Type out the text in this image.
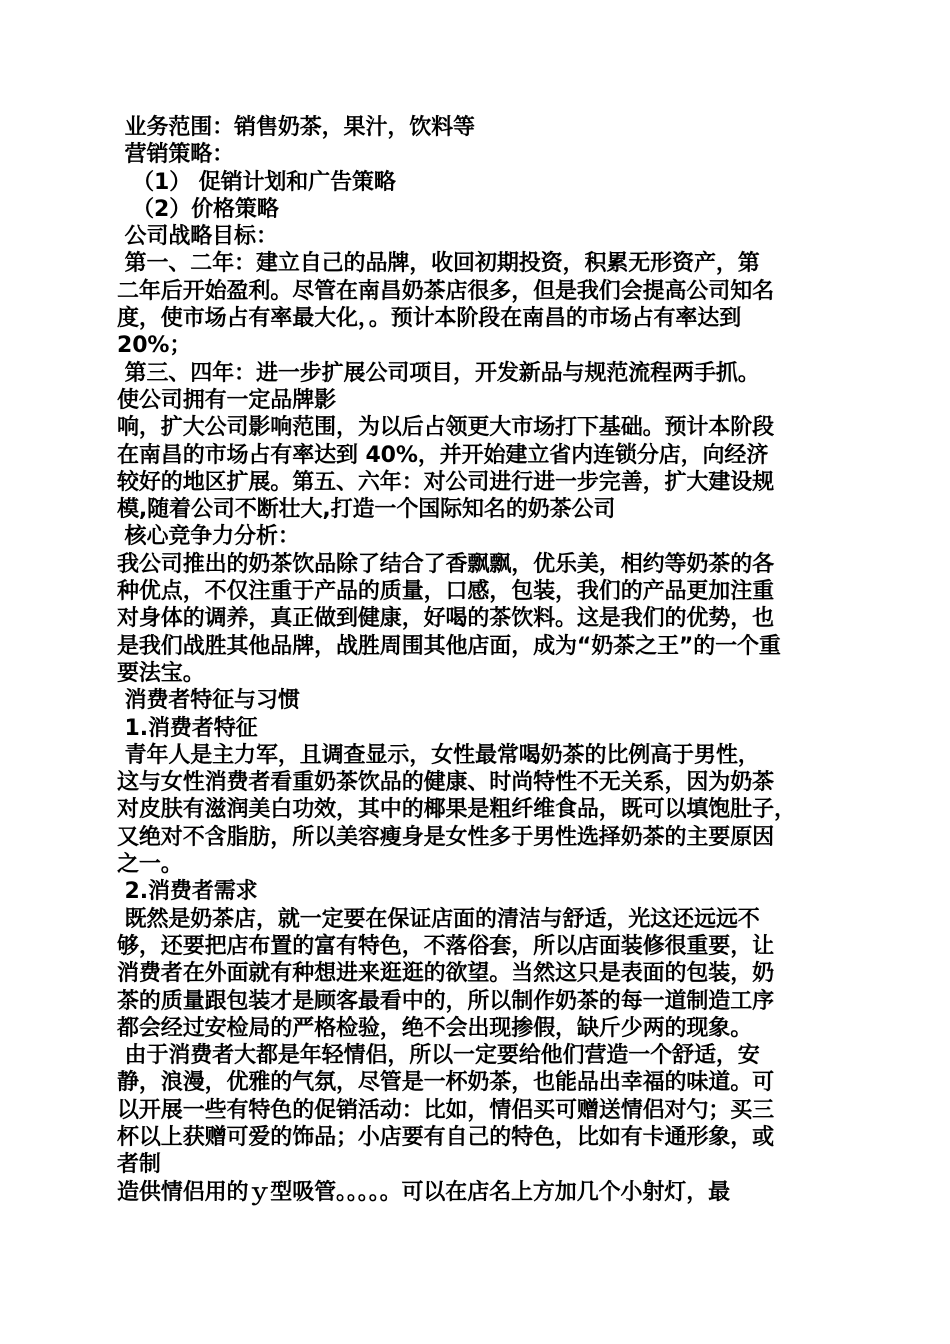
业务范围：销售奶茶，果汁，饮料等
营销策略：
（1） 促销计划和广告策略
（2）价格策略
公司战略目标：
第一、二年：建立自己的品牌，收回初期投资，积累无形资产，第
二年后开始盈利。尽管在南昌奶茶店很多，但是我们会提高公司知名
度，使市场占有率最大化，。预计本阶段在南昌的市场占有率达到
20%；
第三、四年：进一步扩展公司项目，开发新品与规范流程两手抓。
使公司拥有一定品牌影
响，扩大公司影响范围，为以后占领更大市场打下基础。预计本阶段
在南昌的市场占有率达到 40%，并开始建立省内连锁分店，向经济
较好的地区扩展。第五、六年：对公司进行进一步完善，扩大建设规
模,随着公司不断壮大,打造一个国际知名的奶茶公司
核心竞争力分析：
我公司推出的奶茶饮品除了结合了香飘飘，优乐美，相约等奶茶的各
种优点，不仅注重于产品的质量，口感，包装，我们的产品更加注重
对身体的调养，真正做到健康，好喝的茶饮料。这是我们的优势，也
是我们战胜其他品牌，战胜周围其他店面，成为“奶茶之王”的一个重
要法宝。
消费者特征与习惯
1.消费者特征
青年人是主力军，且调查显示，女性最常喝奶茶的比例高于男性，
这与女性消费者看重奶茶饮品的健康、时尚特性不无关系，因为奶茶
对皮肤有滋润美白功效，其中的椰果是粗纤维食品，既可以填饱肚子，
又绝对不含脂肪，所以美容瘦身是女性多于男性选择奶茶的主要原因
之一。
2.消费者需求
既然是奶茶店，就一定要在保证店面的清洁与舒适，光这还远远不
够，还要把店布置的富有特色，不落俗套，所以店面装修很重要，让
消费者在外面就有种想进来逛逛的欲望。当然这只是表面的包装，奶
茶的质量跟包装才是顾客最看中的，所以制作奶茶的每一道制造工序
都会经过安检局的严格检验，绝不会出现掺假，缺斤少两的现象。
由于消费者大都是年轻情侣，所以一定要给他们营造一个舒适，安
静，浪漫，优雅的气氛，尽管是一杯奶茶，也能品出幸福的味道。可
以开展一些有特色的促销活动：比如，情侣买可赠送情侣对勺；买三
杯以上获赠可爱的饰品；小店要有自己的特色，比如有卡通形象，或
者制
造供情侣用的ｙ型吸管。。。。。可以在店名上方加几个小射灯，最
